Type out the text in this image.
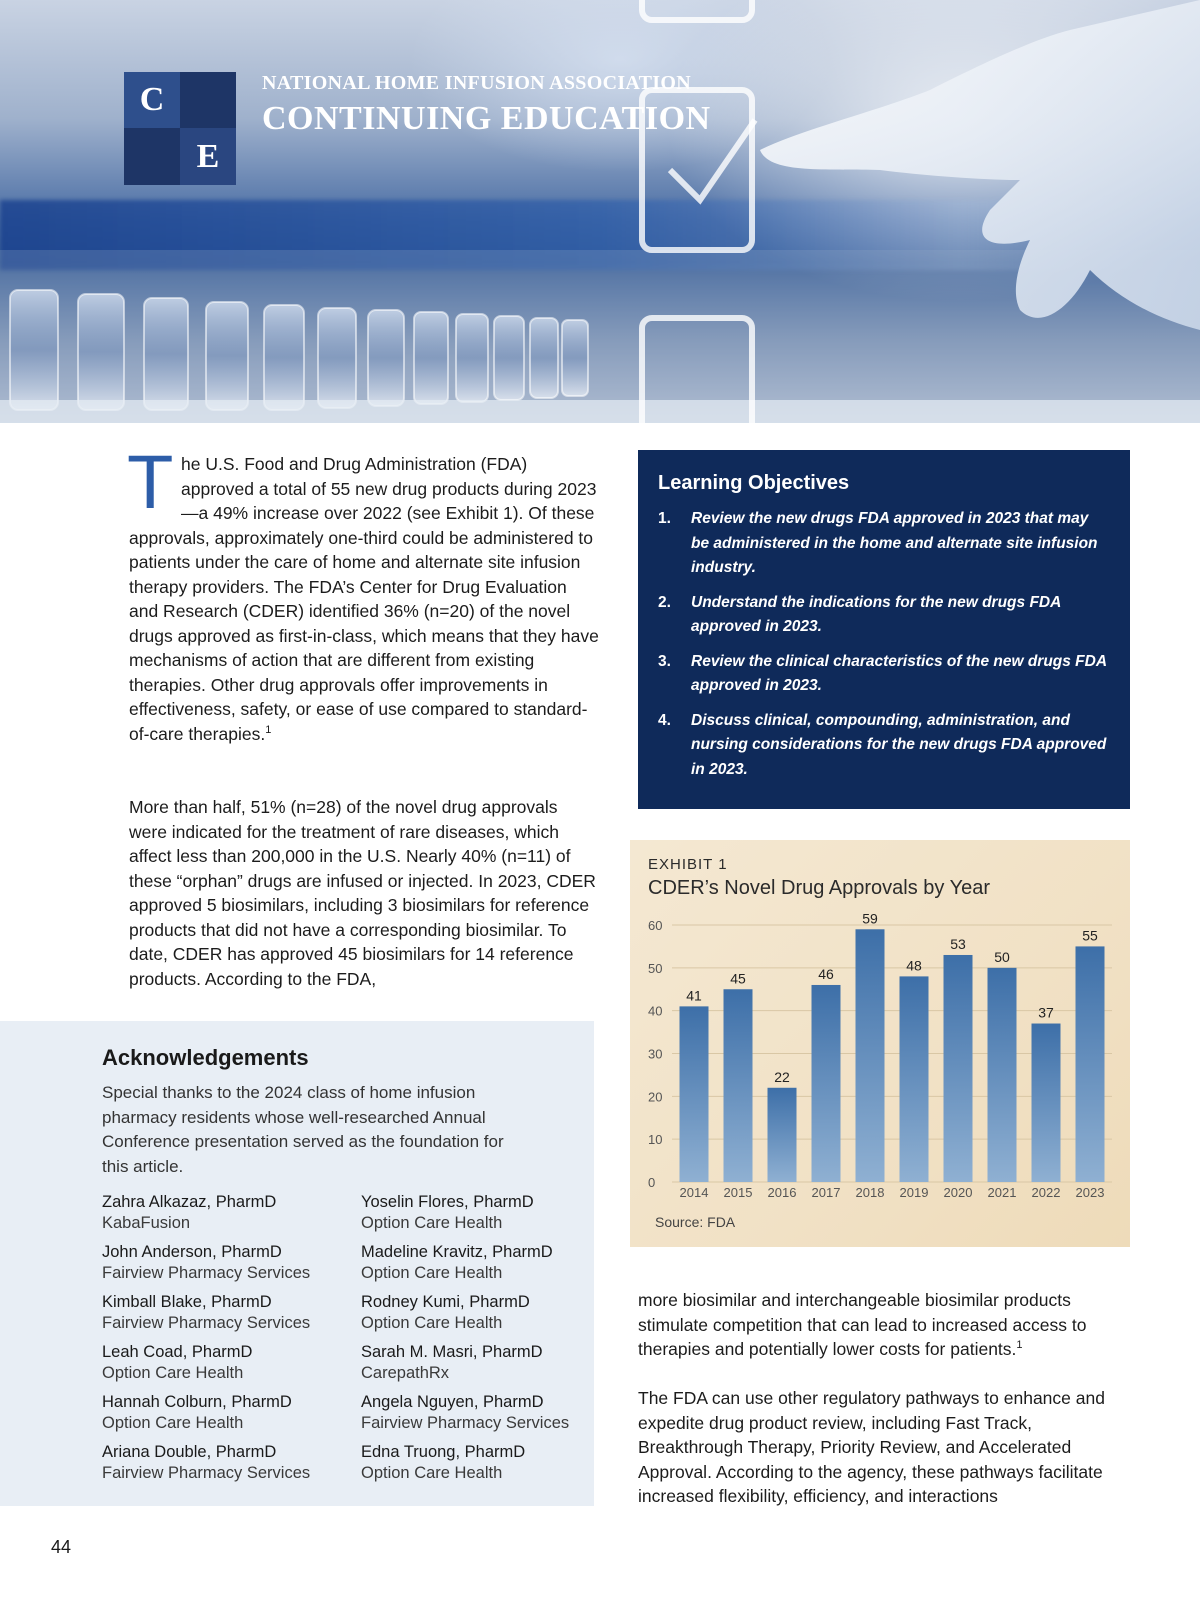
C
E
NATIONAL HOME INFUSION ASSOCIATION
CONTINUING EDUCATION
The U.S. Food and Drug Administration (FDA) approved a total of 55 new drug products during 2023—a 49% increase over 2022 (see Exhibit 1). Of these approvals, approximately one-third could be administered to patients under the care of home and alternate site infusion therapy providers. The FDA’s Center for Drug Evaluation and Research (CDER) identified 36% (n=20) of the novel drugs approved as first-in-class, which means that they have mechanisms of action that are different from existing therapies. Other drug approvals offer improvements in effectiveness, safety, or ease of use compared to standard-of-care therapies.$^1$
More than half, 51% (n=28) of the novel drug approvals were indicated for the treatment of rare diseases, which affect less than 200,000 in the U.S. Nearly 40% (n=11) of these “orphan” drugs are infused or injected. In 2023, CDER approved 5 biosimilars, including 3 biosimilars for reference products that did not have a corresponding biosimilar. To date, CDER has approved 45 biosimilars for 14 reference products. According to the FDA,
Learning Objectives
1. Review the new drugs FDA approved in 2023 that may be administered in the home and alternate site infusion industry.
2. Understand the indications for the new drugs FDA approved in 2023.
3. Review the clinical characteristics of the new drugs FDA approved in 2023.
4. Discuss clinical, compounding, administration, and nursing considerations for the new drugs FDA approved in 2023.
EXHIBIT 1
CDER’s Novel Drug Approvals by Year
0
10
20
30
40
50
60
41
2014
45
2015
22
2016
46
2017
59
2018
48
2019
53
2020
50
2021
37
2022
55
2023
Source: FDA
Acknowledgements
Special thanks to the 2024 class of home infusion pharmacy residents whose well-researched Annual Conference presentation served as the foundation for this article.
Zahra Alkazaz, PharmD
KabaFusion
Yoselin Flores, PharmD
Option Care Health
John Anderson, PharmD
Fairview Pharmacy Services
Madeline Kravitz, PharmD
Option Care Health
Kimball Blake, PharmD
Fairview Pharmacy Services
Rodney Kumi, PharmD
Option Care Health
Leah Coad, PharmD
Option Care Health
Sarah M. Masri, PharmD
CarepathRx
Hannah Colburn, PharmD
Option Care Health
Angela Nguyen, PharmD
Fairview Pharmacy Services
Ariana Double, PharmD
Fairview Pharmacy Services
Edna Truong, PharmD
Option Care Health
more biosimilar and interchangeable biosimilar products stimulate competition that can lead to increased access to therapies and potentially lower costs for patients.$^1$
The FDA can use other regulatory pathways to enhance and expedite drug product review, including Fast Track, Breakthrough Therapy, Priority Review, and Accelerated Approval. According to the agency, these pathways facilitate increased flexibility, efficiency, and interactions
44
